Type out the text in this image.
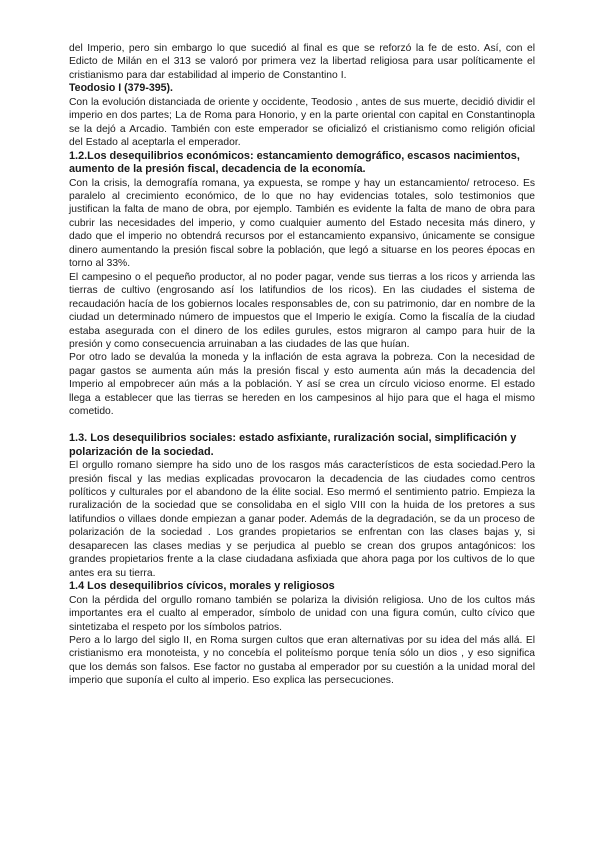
del Imperio, pero sin embargo lo que sucedió al final es que se reforzó la fe de esto. Así, con el Edicto de Milán en el 313 se valoró por primera vez la libertad religiosa para usar políticamente el cristianismo para dar estabilidad al imperio de Constantino I.

Teodosio I (379-395).

Con la evolución distanciada de oriente y occidente, Teodosio , antes de sus muerte, decidió dividir el imperio en dos partes; La de Roma para Honorio, y en la parte oriental con capital en Constantinopla se la dejó a Arcadio. También con este emperador se oficializó el cristianismo como religión oficial del Estado al aceptarla el emperador.

1.2.Los desequilibrios económicos: estancamiento demográfico, escasos nacimientos, aumento de la presión fiscal, decadencia de la economía.

Con la crisis, la demografía romana, ya expuesta, se rompe y hay un estancamiento/ retroceso. Es paralelo al crecimiento económico, de lo que no hay evidencias totales, solo testimonios que justifican la falta de mano de obra, por ejemplo. También es evidente la falta de mano de obra para cubrir las necesidades del imperio, y como cualquier aumento del Estado necesita más dinero, y dado que el imperio no obtendrá recursos por el estancamiento expansivo, únicamente se consigue dinero aumentando la presión fiscal sobre la población, que legó a situarse en los peores épocas en torno al 33%.

El campesino o el pequeño productor, al no poder pagar, vende sus tierras a los ricos y arrienda las tierras de cultivo (engrosando así los latifundios de los ricos). En las ciudades el sistema de recaudación hacía de los gobiernos locales responsables de, con su patrimonio, dar en nombre de la ciudad un determinado número de impuestos que el Imperio le exigía. Como la fiscalía de la ciudad estaba asegurada con el dinero de los ediles gurules, estos migraron al campo para huir de la presión y como consecuencia arruinaban a las ciudades de las que huían.

Por otro lado se devalúa la moneda y la inflación de esta agrava la pobreza. Con la necesidad de pagar gastos se aumenta aún más la presión fiscal y esto aumenta aún más la decadencia del Imperio al empobrecer aún más a la población. Y así se crea un círculo vicioso enorme. El estado llega a establecer que las tierras se hereden en los campesinos al hijo para que el haga el mismo cometido.

1.3. Los desequilibrios sociales: estado asfixiante, ruralización social, simplificación y polarización de la sociedad.

El orgullo romano siempre ha sido uno de los rasgos más característicos de esta sociedad.Pero la presión fiscal y las medias explicadas provocaron la decadencia de las ciudades como centros políticos y culturales por el abandono de la élite social. Eso mermó el sentimiento patrio. Empieza la ruralización de la sociedad que se consolidaba en el siglo VIII con la huida de los pretores a sus latifundios o villaes donde empiezan a ganar poder. Además de la degradación, se da un proceso de polarización de la sociedad . Los grandes propietarios se enfrentan con las clases bajas y, si desaparecen las clases medias y se perjudica al pueblo se crean dos grupos antagónicos: los grandes propietarios frente a la clase ciudadana asfixiada que ahora paga por los cultivos de lo que antes era su tierra.

1.4 Los desequilibrios cívicos, morales y religiosos

Con la pérdida del orgullo romano también se polariza la división religiosa. Uno de los cultos más importantes era el cualto al emperador, símbolo de unidad con una figura común, culto cívico que sintetizaba el respeto por los símbolos patrios.

Pero a lo largo del siglo II, en Roma surgen cultos que eran alternativas por su idea del más allá. El cristianismo era monoteista, y no concebía el politeísmo porque tenía sólo un dios , y eso significa que los demás son falsos. Ese factor no gustaba al emperador por su cuestión a la unidad moral del imperio que suponía el culto al imperio. Eso explica las persecuciones.
